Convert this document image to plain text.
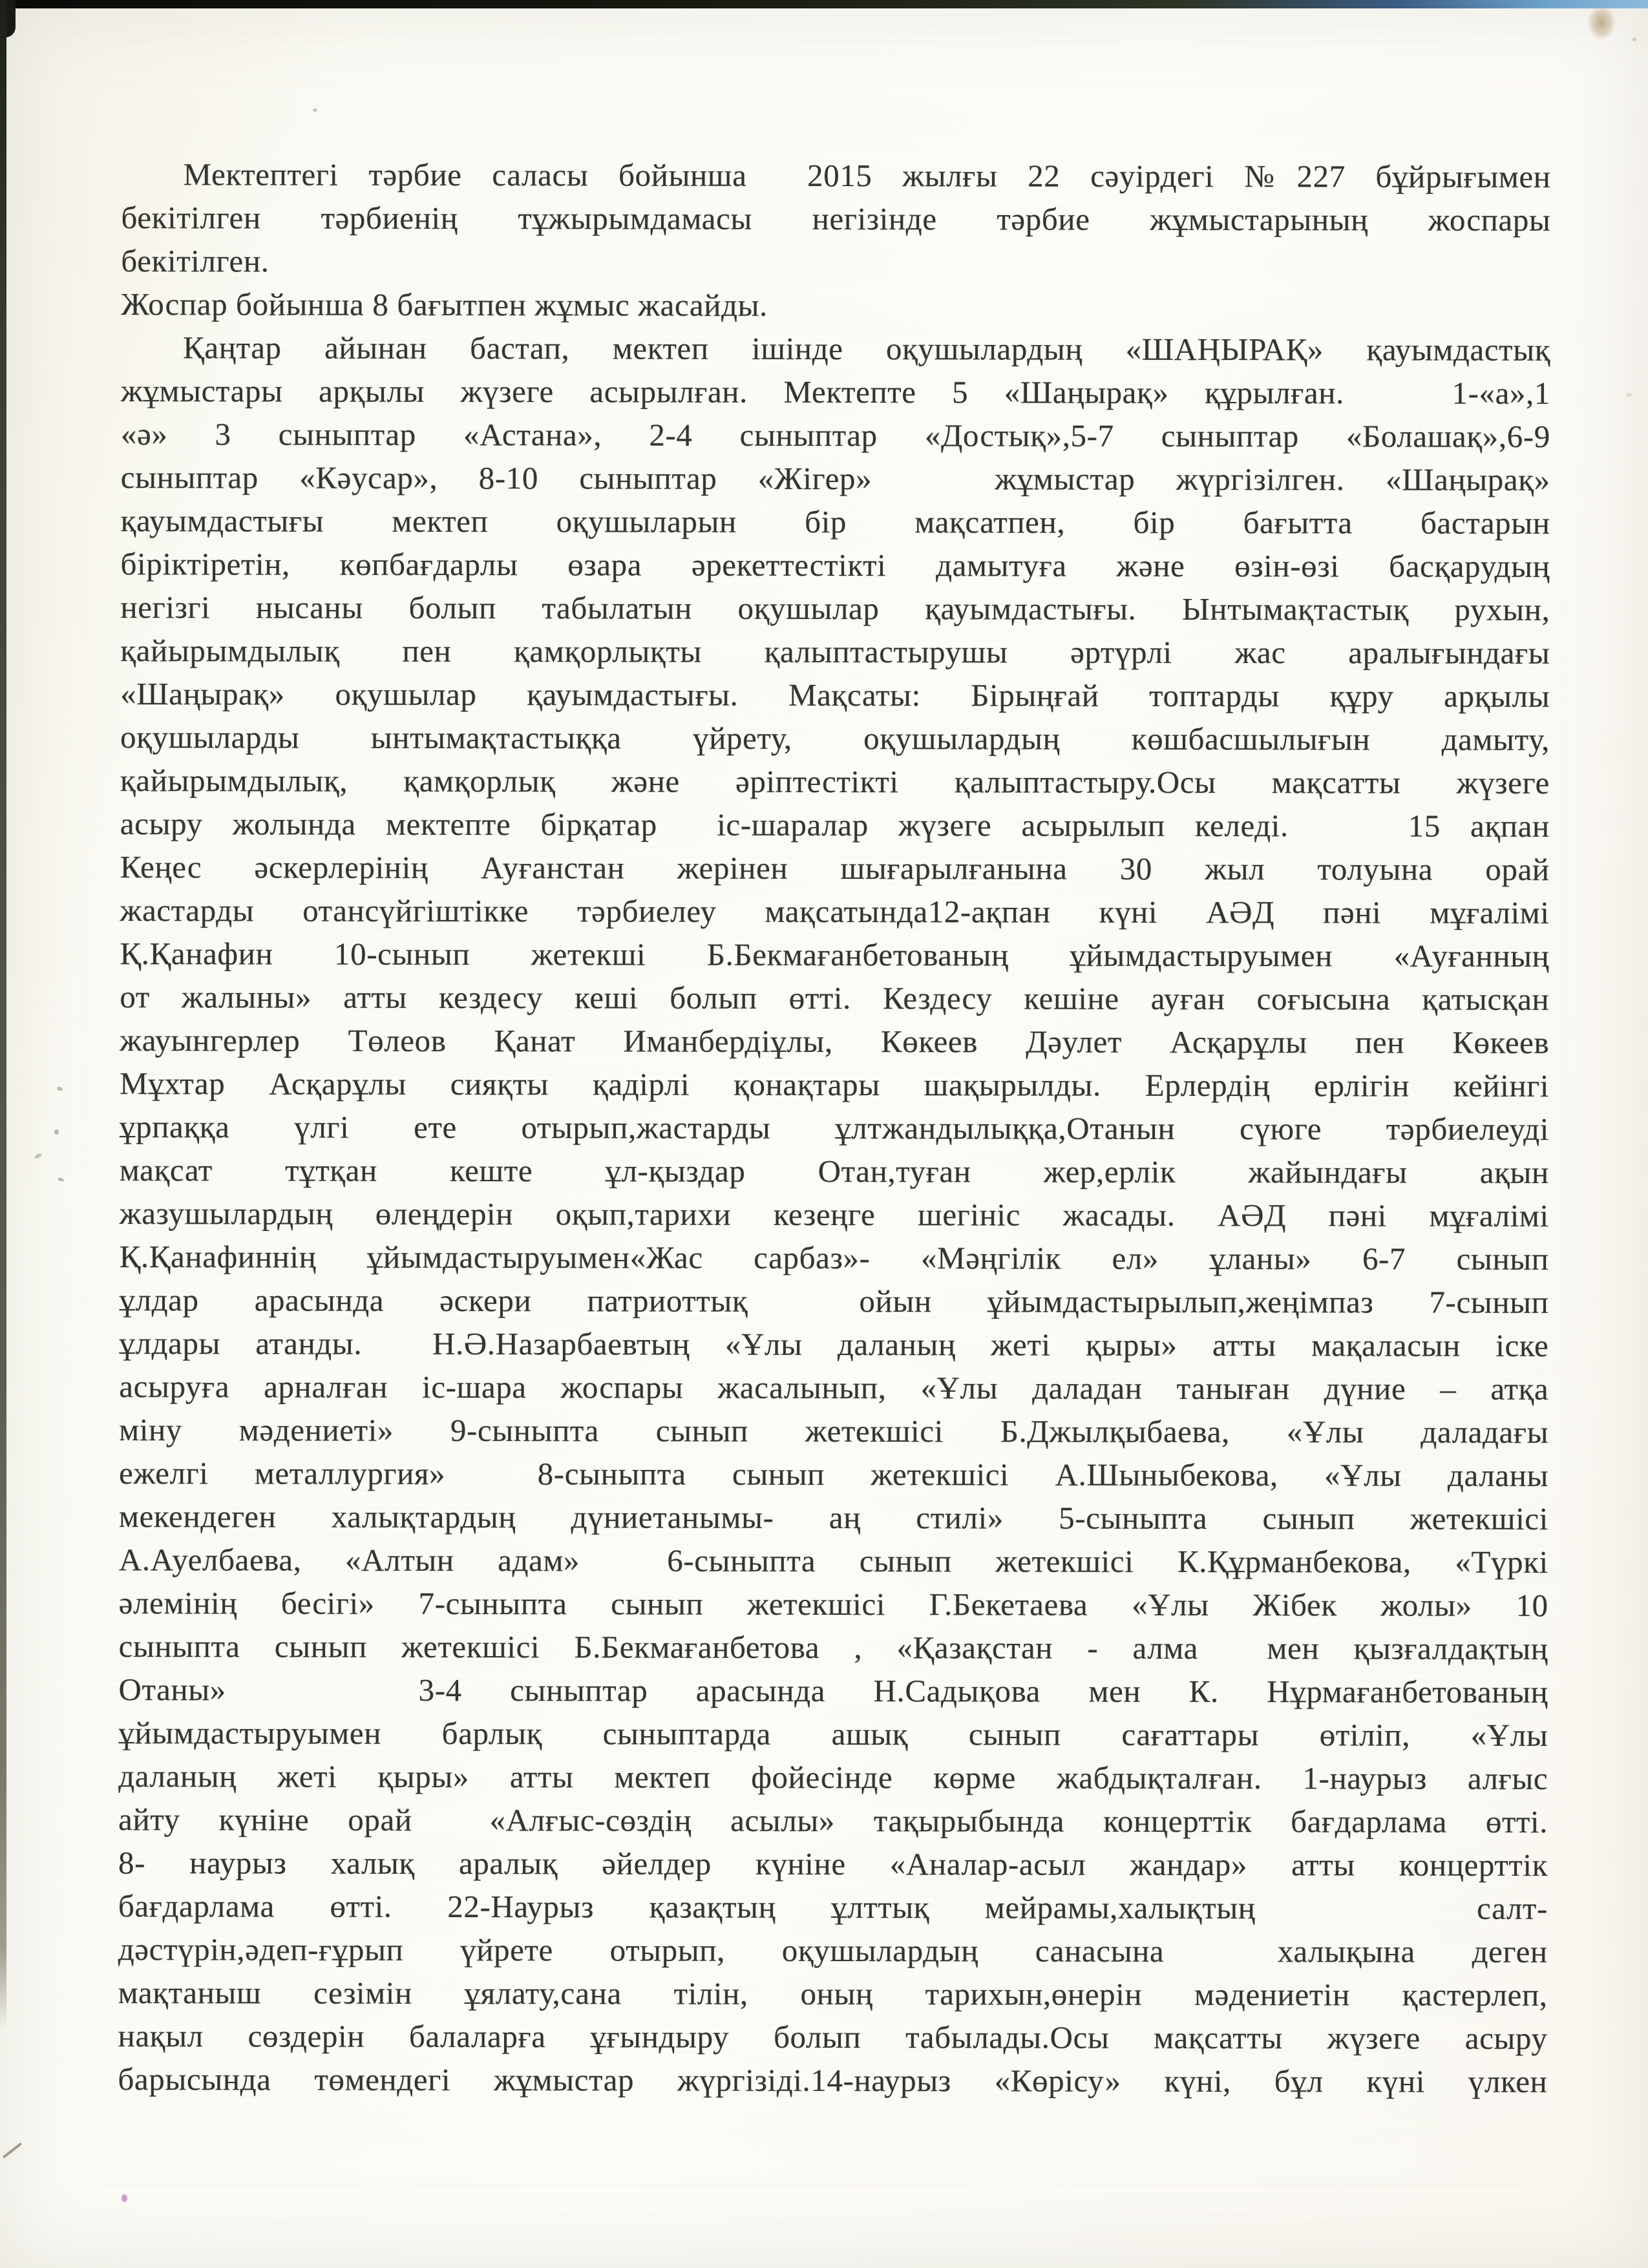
Мектептегі тәрбие саласы бойынша  2015 жылғы 22 сәуірдегі №227 бұйрығымен
бекітілген тәрбиенің тұжырымдамасы негізінде тәрбие жұмыстарының жоспары
бекітілген.
Жоспар бойынша 8 бағытпен жұмыс жасайды.
Қаңтар айынан бастап, мектеп ішінде оқушылардың «ШАҢЫРАҚ» қауымдастық
жұмыстары арқылы жүзеге асырылған. Мектепте 5 «Шаңырақ» құрылған.   1-«а»,1
«ә» 3 сыныптар «Астана», 2-4 сыныптар «Достық»,5-7 сыныптар «Болашақ»,6-9
сыныптар «Кәусар», 8-10 сыныптар «Жігер»   жұмыстар жүргізілген. «Шаңырақ»
қауымдастығы мектеп оқушыларын бір мақсатпен, бір бағытта бастарын
біріктіретін, көпбағдарлы өзара әрекеттестікті дамытуға және өзін-өзі басқарудың
негізгі нысаны болып табылатын оқушылар қауымдастығы. Ынтымақтастық рухын,
қайырымдылық пен қамқорлықты қалыптастырушы әртүрлі жас аралығындағы
«Шаңырақ» оқушылар қауымдастығы. Мақсаты: Бірыңғай топтарды құру арқылы
оқушыларды ынтымақтастыққа үйрету, оқушылардың көшбасшылығын дамыту,
қайырымдылық, қамқорлық және әріптестікті қалыптастыру.Осы мақсатты жүзеге
асыру жолында мектепте бірқатар  іс-шаралар жүзеге асырылып келеді.    15 ақпан
Кеңес әскерлерінің Ауғанстан жерінен шығарылғанына 30 жыл толуына орай
жастарды отансүйгіштікке тәрбиелеу мақсатында12-ақпан күні АӘД пәні мұғалімі
Қ.Қанафин 10-сынып жетекші Б.Бекмағанбетованың ұйымдастыруымен «Ауғанның
от жалыны» атты кездесу кеші болып өтті. Кездесу кешіне ауған соғысына қатысқан
жауынгерлер Төлеов Қанат Иманбердіұлы, Көкеев Дәулет Асқарұлы пен Көкеев
Мұхтар Асқарұлы сияқты қадірлі қонақтары шақырылды. Ерлердің ерлігін кейінгі
ұрпаққа үлгі ете отырып,жастарды ұлтжандылыққа,Отанын сүюге тәрбиелеуді
мақсат тұтқан кеште ұл-қыздар Отан,туған жер,ерлік жайындағы ақын
жазушылардың өлеңдерін оқып,тарихи кезеңге шегініс жасады. АӘД пәні мұғалімі
Қ.Қанафиннің ұйымдастыруымен«Жас сарбаз»- «Мәңгілік ел» ұланы» 6-7 сынып
ұлдар арасында әскери патриоттық  ойын ұйымдастырылып,жеңімпаз 7-сынып
ұлдары атанды.  Н.Ә.Назарбаевтың «Ұлы даланың жеті қыры» атты мақаласын іске
асыруға арналған іс-шара жоспары жасалынып, «Ұлы даладан таныған дүние – атқа
міну мәдениеті» 9-сыныпта сынып жетекшісі Б.Джылқыбаева, «Ұлы даладағы
ежелгі металлургия»  8-сыныпта сынып жетекшісі А.Шыныбекова, «Ұлы даланы
мекендеген халықтардың дүниетанымы- аң стилі» 5-сыныпта сынып жетекшісі
А.Ауелбаева, «Алтын адам»  6-сыныпта сынып жетекшісі К.Құрманбекова, «Түркі
әлемінің бесігі» 7-сыныпта сынып жетекшісі Г.Бекетаева «Ұлы Жібек жолы» 10
сыныпта сынып жетекшісі Б.Бекмағанбетова , «Қазақстан - алма  мен қызғалдақтың
Отаны»    3-4 сыныптар арасында Н.Садықова мен К. Нұрмағанбетованың
ұйымдастыруымен барлық сыныптарда ашық сынып сағаттары өтіліп, «Ұлы
даланың жеті қыры» атты мектеп фойесінде көрме жабдықталған. 1-наурыз алғыс
айту күніне орай  «Алғыс-сөздің асылы» тақырыбында концерттік бағдарлама өтті.
8- наурыз халық аралық әйелдер күніне «Аналар-асыл жандар» атты концерттік
бағдарлама өтті. 22-Наурыз қазақтың ұлттық мейрамы,халықтың    салт-
дәстүрін,әдеп-ғұрып үйрете отырып, оқушылардың санасына  халықына деген
мақтаныш сезімін ұялату,сана тілін, оның тарихын,өнерін мәдениетін қастерлеп,
нақыл сөздерін балаларға ұғындыру болып табылады.Осы мақсатты жүзеге асыру
барысында төмендегі жұмыстар жүргізіді.14-наурыз «Көрісу» күні, бұл күні үлкен
